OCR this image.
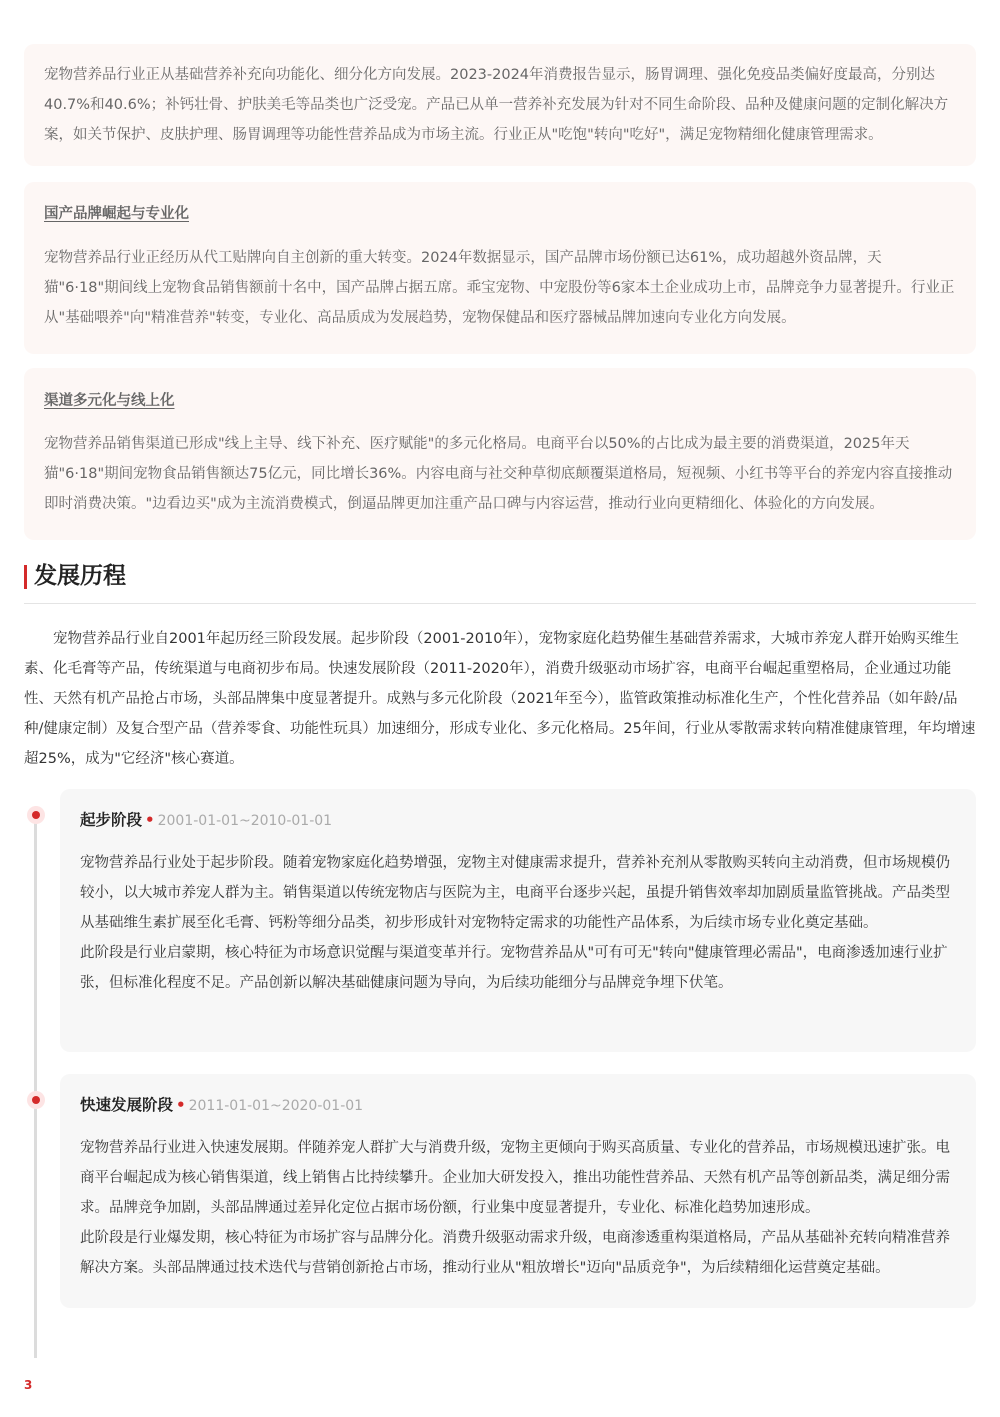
宠物营养品行业正从基础营养补充向功能化、细分化方向发展。2023-2024年消费报告显示，肠胃调理、强化免疫品类偏好度最高，分别达40.7%和40.6%；补钙壮骨、护肤美毛等品类也广泛受宠。产品已从单一营养补充发展为针对不同生命阶段、品种及健康问题的定制化解决方案，如关节保护、皮肤护理、肠胃调理等功能性营养品成为市场主流。行业正从"吃饱"转向"吃好"，满足宠物精细化健康管理需求。

国产品牌崛起与专业化

宠物营养品行业正经历从代工贴牌向自主创新的重大转变。2024年数据显示，国产品牌市场份额已达61%，成功超越外资品牌，天猫"6·18"期间线上宠物食品销售额前十名中，国产品牌占据五席。乖宝宠物、中宠股份等6家本土企业成功上市，品牌竞争力显著提升。行业正从"基础喂养"向"精准营养"转变，专业化、高品质成为发展趋势，宠物保健品和医疗器械品牌加速向专业化方向发展。

渠道多元化与线上化

宠物营养品销售渠道已形成"线上主导、线下补充、医疗赋能"的多元化格局。电商平台以50%的占比成为最主要的消费渠道，2025年天猫"6·18"期间宠物食品销售额达75亿元，同比增长36%。内容电商与社交种草彻底颠覆渠道格局，短视频、小红书等平台的养宠内容直接推动即时消费决策。"边看边买"成为主流消费模式，倒逼品牌更加注重产品口碑与内容运营，推动行业向更精细化、体验化的方向发展。

发展历程

宠物营养品行业自2001年起历经三阶段发展。起步阶段（2001-2010年），宠物家庭化趋势催生基础营养需求，大城市养宠人群开始购买维生素、化毛膏等产品，传统渠道与电商初步布局。快速发展阶段（2011-2020年），消费升级驱动市场扩容，电商平台崛起重塑格局，企业通过功能性、天然有机产品抢占市场，头部品牌集中度显著提升。成熟与多元化阶段（2021年至今），监管政策推动标准化生产，个性化营养品（如年龄/品种/健康定制）及复合型产品（营养零食、功能性玩具）加速细分，形成专业化、多元化格局。25年间，行业从零散需求转向精准健康管理，年均增速超25%，成为"它经济"核心赛道。

起步阶段 • 2001-01-01~2010-01-01

宠物营养品行业处于起步阶段。随着宠物家庭化趋势增强，宠物主对健康需求提升，营养补充剂从零散购买转向主动消费，但市场规模仍较小，以大城市养宠人群为主。销售渠道以传统宠物店与医院为主，电商平台逐步兴起，虽提升销售效率却加剧质量监管挑战。产品类型从基础维生素扩展至化毛膏、钙粉等细分品类，初步形成针对宠物特定需求的功能性产品体系，为后续市场专业化奠定基础。

此阶段是行业启蒙期，核心特征为市场意识觉醒与渠道变革并行。宠物营养品从"可有可无"转向"健康管理必需品"，电商渗透加速行业扩张，但标准化程度不足。产品创新以解决基础健康问题为导向，为后续功能细分与品牌竞争埋下伏笔。

快速发展阶段 • 2011-01-01~2020-01-01

宠物营养品行业进入快速发展期。伴随养宠人群扩大与消费升级，宠物主更倾向于购买高质量、专业化的营养品，市场规模迅速扩张。电商平台崛起成为核心销售渠道，线上销售占比持续攀升。企业加大研发投入，推出功能性营养品、天然有机产品等创新品类，满足细分需求。品牌竞争加剧，头部品牌通过差异化定位占据市场份额，行业集中度显著提升，专业化、标准化趋势加速形成。

此阶段是行业爆发期，核心特征为市场扩容与品牌分化。消费升级驱动需求升级，电商渗透重构渠道格局，产品从基础补充转向精准营养解决方案。头部品牌通过技术迭代与营销创新抢占市场，推动行业从"粗放增长"迈向"品质竞争"，为后续精细化运营奠定基础。

3
